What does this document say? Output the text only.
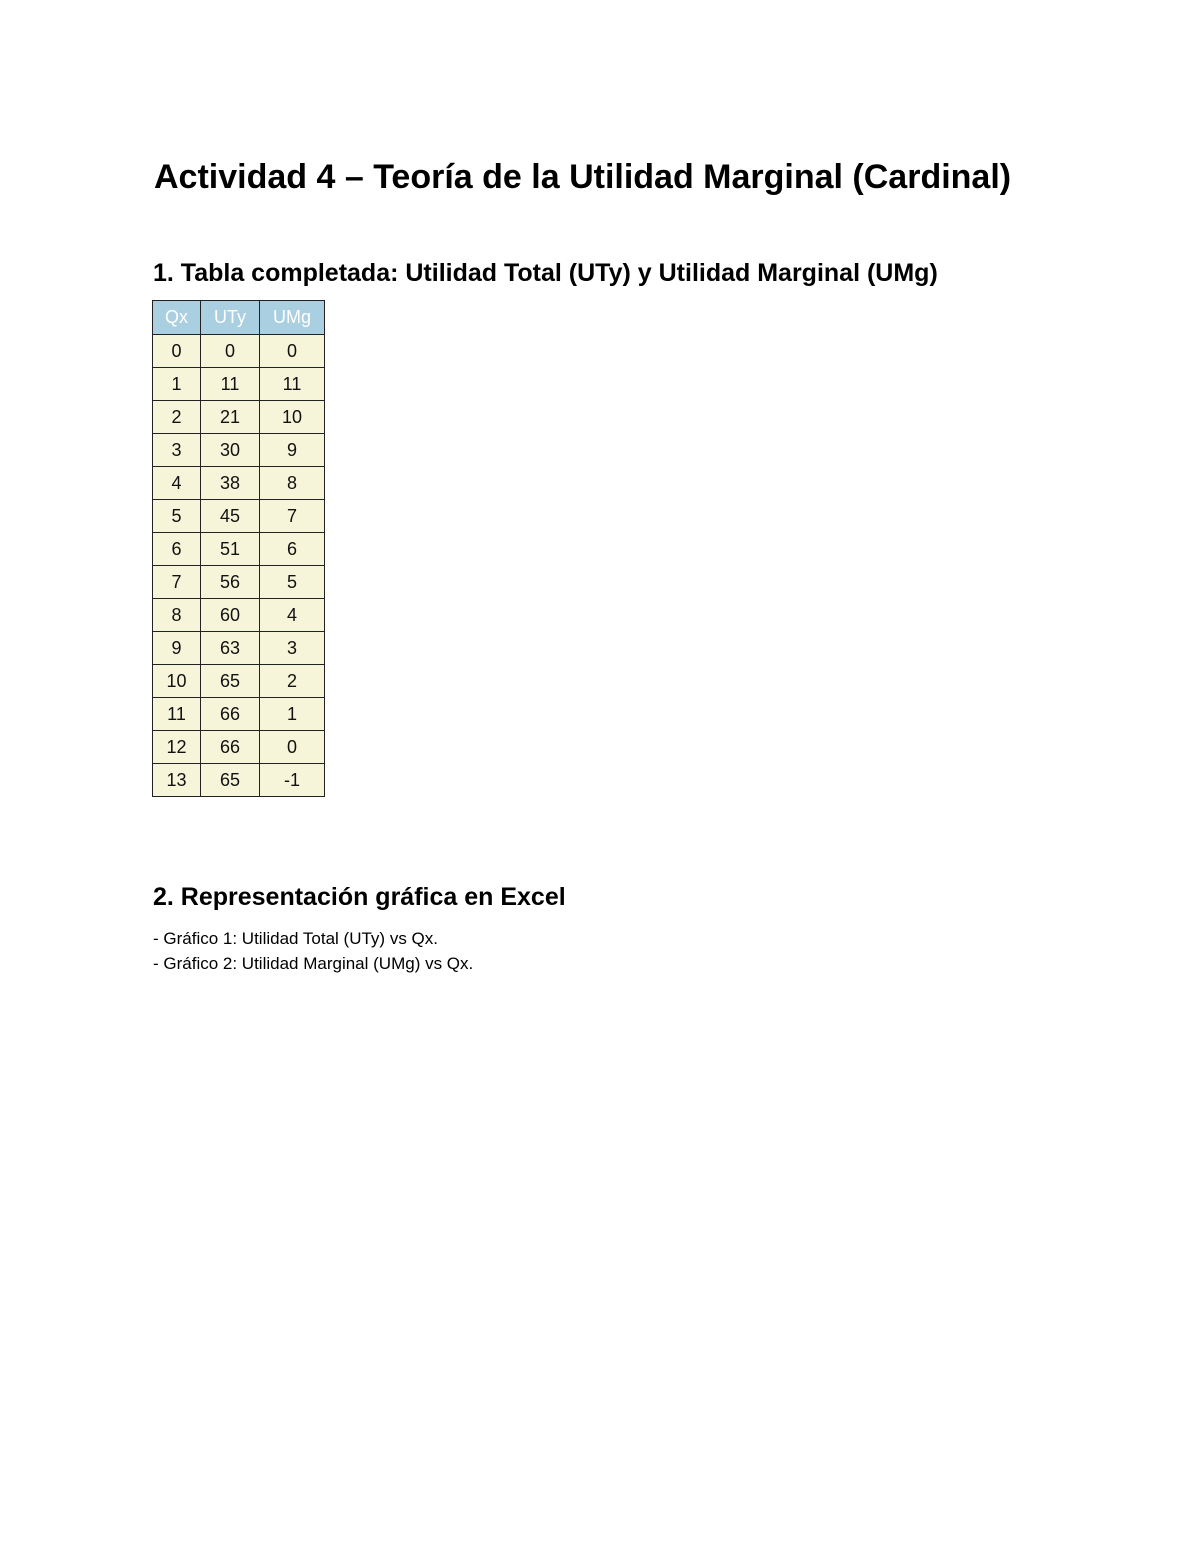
Actividad 4 – Teoría de la Utilidad Marginal (Cardinal)
1. Tabla completada: Utilidad Total (UTy) y Utilidad Marginal (UMg)
Qx	UTy	UMg
0	0	0
1	11	11
2	21	10
3	30	9
4	38	8
5	45	7
6	51	6
7	56	5
8	60	4
9	63	3
10	65	2
11	66	1
12	66	0
13	65	-1
2. Representación gráfica en Excel
- Gráfico 1: Utilidad Total (UTy) vs Qx.
- Gráfico 2: Utilidad Marginal (UMg) vs Qx.
